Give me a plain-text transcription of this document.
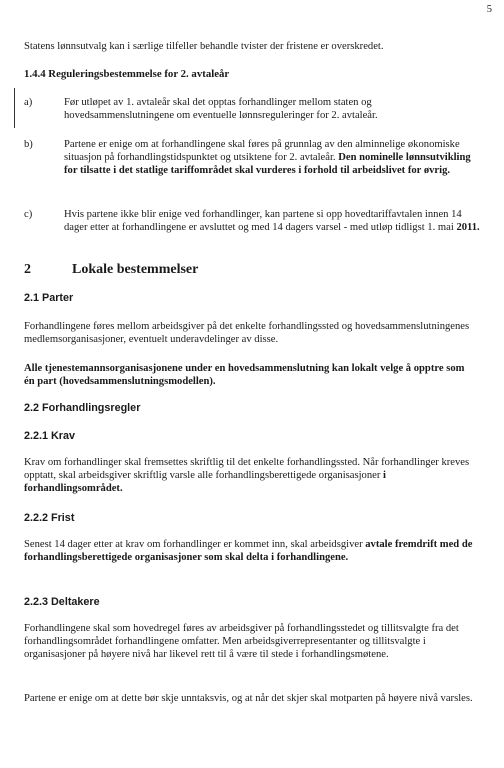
5

Statens lønnsutvalg kan i særlige tilfeller behandle tvister der fristene er overskredet.

1.4.4 Reguleringsbestemmelse for 2. avtaleår

a)	Før utløpet av 1. avtaleår skal det opptas forhandlinger mellom staten og hovedsammenslutningene om eventuelle lønnsreguleringer for 2. avtaleår.
b)	Partene er enige om at forhandlingene skal føres på grunnlag av den alminnelige økonomiske situasjon på forhandlingstidspunktet og utsiktene for 2. avtaleår. Den nominelle lønnsutvikling for tilsatte i det statlige tariffområdet skal vurderes i forhold til arbeidslivet for øvrig.
c)	Hvis partene ikke blir enige ved forhandlinger, kan partene si opp hovedtariffavtalen innen 14 dager etter at forhandlingene er avsluttet og med 14 dagers varsel - med utløp tidligst 1. mai 2011.

2	Lokale bestemmelser

2.1 Parter

Forhandlingene føres mellom arbeidsgiver på det enkelte forhandlingssted og hovedsammenslutningenes medlemsorganisasjoner, eventuelt underavdelinger av disse.

Alle tjenestemannsorganisasjonene under en hovedsammenslutning kan lokalt velge å opptre som én part (hovedsammenslutningsmodellen).

2.2 Forhandlingsregler

2.2.1 Krav

Krav om forhandlinger skal fremsettes skriftlig til det enkelte forhandlingssted. Når forhandlinger kreves opptatt, skal arbeidsgiver skriftlig varsle alle forhandlingsberettigede organisasjoner i forhandlingsområdet.

2.2.2 Frist

Senest 14 dager etter at krav om forhandlinger er kommet inn, skal arbeidsgiver avtale fremdrift med de forhandlingsberettigede organisasjoner som skal delta i forhandlingene.

2.2.3 Deltakere

Forhandlingene skal som hovedregel føres av arbeidsgiver på forhandlingsstedet og tillitsvalgte fra det forhandlingsområdet forhandlingene omfatter. Men arbeidsgiverrepresentanter og tillitsvalgte i organisasjoner på høyere nivå har likevel rett til å være til stede i forhandlingsmøtene.

Partene er enige om at dette bør skje unntaksvis, og at når det skjer skal motparten på høyere nivå varsles.
